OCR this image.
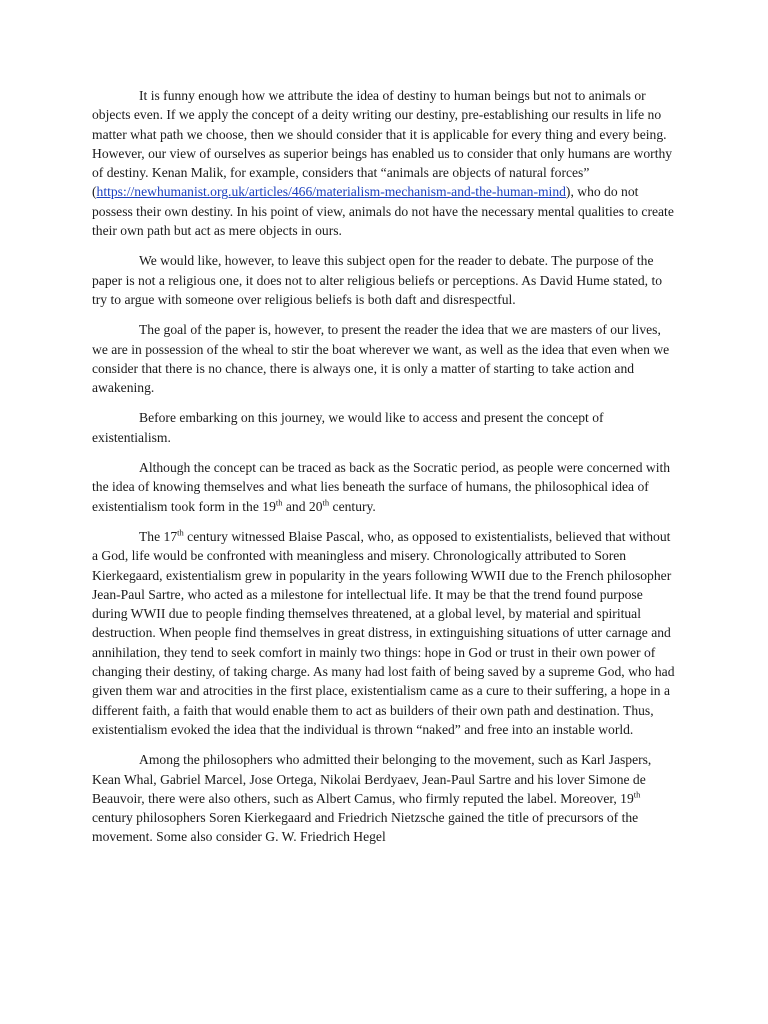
It is funny enough how we attribute the idea of destiny to human beings but not to animals or objects even. If we apply the concept of a deity writing our destiny, pre-establishing our results in life no matter what path we choose, then we should consider that it is applicable for every thing and every being. However, our view of ourselves as superior beings has enabled us to consider that only humans are worthy of destiny. Kenan Malik, for example, considers that “animals are objects of natural forces” (https://newhumanist.org.uk/articles/466/materialism-mechanism-and-the-human-mind), who do not possess their own destiny. In his point of view, animals do not have the necessary mental qualities to create their own path but act as mere objects in ours.

We would like, however, to leave this subject open for the reader to debate. The purpose of the paper is not a religious one, it does not to alter religious beliefs or perceptions. As David Hume stated, to try to argue with someone over religious beliefs is both daft and disrespectful.

The goal of the paper is, however, to present the reader the idea that we are masters of our lives, we are in possession of the wheal to stir the boat wherever we want, as well as the idea that even when we consider that there is no chance, there is always one, it is only a matter of starting to take action and awakening.

Before embarking on this journey, we would like to access and present the concept of existentialism.

Although the concept can be traced as back as the Socratic period, as people were concerned with the idea of knowing themselves and what lies beneath the surface of humans, the philosophical idea of existentialism took form in the 19th and 20th century.

The 17th century witnessed Blaise Pascal, who, as opposed to existentialists, believed that without a God, life would be confronted with meaningless and misery. Chronologically attributed to Soren Kierkegaard, existentialism grew in popularity in the years following WWII due to the French philosopher Jean-Paul Sartre, who acted as a milestone for intellectual life. It may be that the trend found purpose during WWII due to people finding themselves threatened, at a global level, by material and spiritual destruction. When people find themselves in great distress, in extinguishing situations of utter carnage and annihilation, they tend to seek comfort in mainly two things: hope in God or trust in their own power of changing their destiny, of taking charge. As many had lost faith of being saved by a supreme God, who had given them war and atrocities in the first place, existentialism came as a cure to their suffering, a hope in a different faith, a faith that would enable them to act as builders of their own path and destination. Thus, existentialism evoked the idea that the individual is thrown “naked” and free into an instable world.

Among the philosophers who admitted their belonging to the movement, such as Karl Jaspers, Kean Whal, Gabriel Marcel, Jose Ortega, Nikolai Berdyaev, Jean-Paul Sartre and his lover Simone de Beauvoir, there were also others, such as Albert Camus, who firmly reputed the label. Moreover, 19th century philosophers Soren Kierkegaard and Friedrich Nietzsche gained the title of precursors of the movement. Some also consider G. W. Friedrich Hegel
